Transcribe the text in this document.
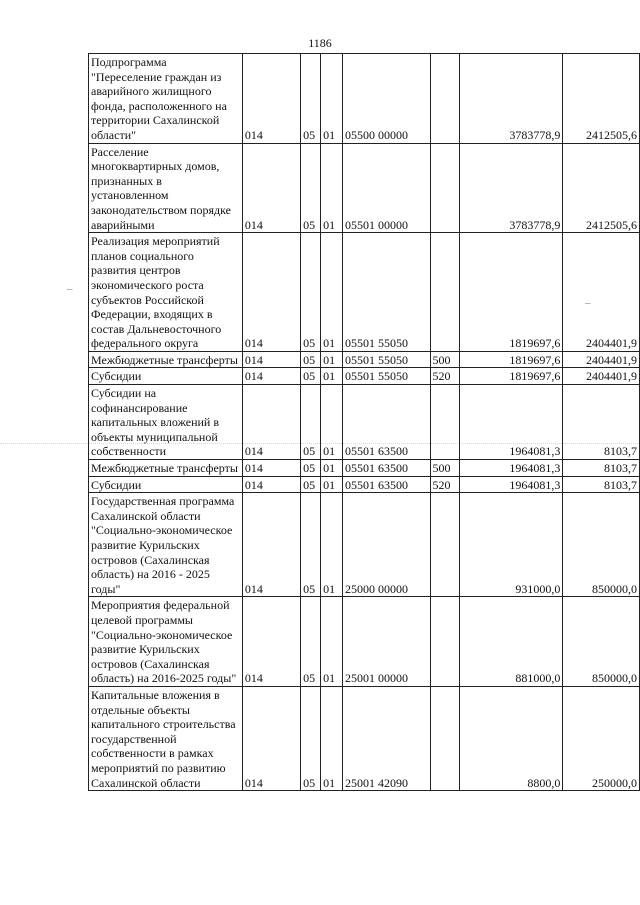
1186
–
–
Подпрограмма "Переселение граждан из аварийного жилищного фонда, расположенного на территории Сахалинской области"	014	05	01	05500 00000		3783778,9	2412505,6
Расселение многоквартирных домов, признанных в установленном законодательством порядке аварийными	014	05	01	05501 00000		3783778,9	2412505,6
Реализация мероприятий планов социального развития центров экономического роста субъектов Российской Федерации, входящих в состав Дальневосточного федерального округа	014	05	01	05501 55050		1819697,6	2404401,9
Межбюджетные трансферты	014	05	01	05501 55050	500	1819697,6	2404401,9
Субсидии	014	05	01	05501 55050	520	1819697,6	2404401,9
Субсидии на софинансирование капитальных вложений в объекты муниципальной собственности	014	05	01	05501 63500		1964081,3	8103,7
Межбюджетные трансферты	014	05	01	05501 63500	500	1964081,3	8103,7
Субсидии	014	05	01	05501 63500	520	1964081,3	8103,7
Государственная программа Сахалинской области "Социально-экономическое развитие Курильских островов (Сахалинская область) на 2016 - 2025 годы"	014	05	01	25000 00000		931000,0	850000,0
Мероприятия федеральной целевой программы "Социально-экономическое развитие Курильских островов (Сахалинская область) на 2016-2025 годы"	014	05	01	25001 00000		881000,0	850000,0
Капитальные вложения в отдельные объекты капитального строительства государственной собственности в рамках мероприятий по развитию Сахалинской области	014	05	01	25001 42090		8800,0	250000,0
